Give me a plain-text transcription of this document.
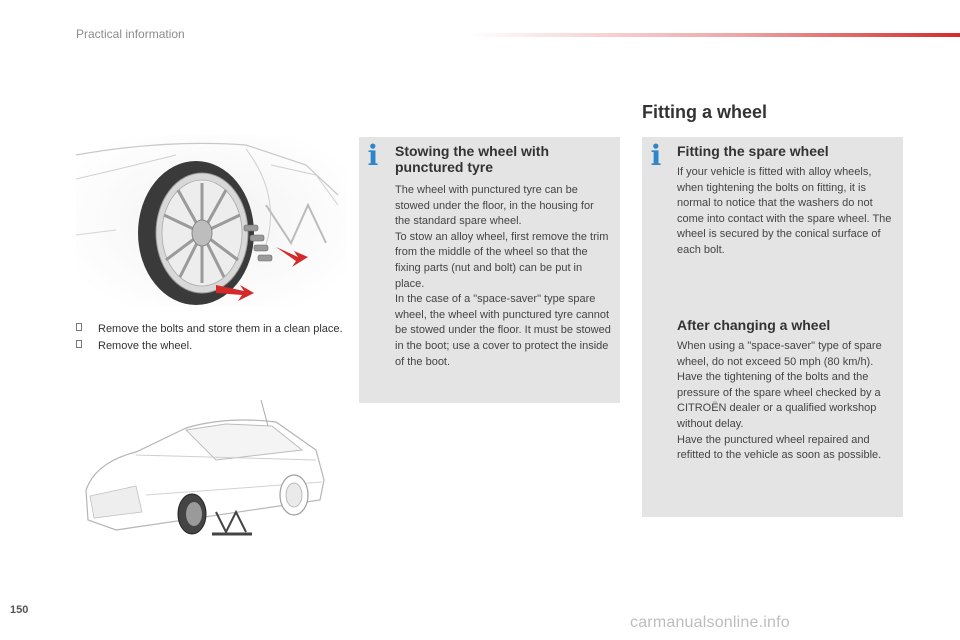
Practical information
Remove the bolts and store them in a clean place.
Remove the wheel.
i Stowing the wheel with punctured tyre

The wheel with punctured tyre can be stowed under the floor, in the housing for the standard spare wheel.

To stow an alloy wheel, first remove the trim from the middle of the wheel so that the fixing parts (nut and bolt) can be put in place.

In the case of a "space-saver" type spare wheel, the wheel with punctured tyre cannot be stowed under the floor. It must be stowed in the boot; use a cover to protect the inside of the boot.

Fitting a wheel
i Fitting the spare wheel

If your vehicle is fitted with alloy wheels, when tightening the bolts on fitting, it is normal to notice that the washers do not come into contact with the spare wheel. The wheel is secured by the conical surface of each bolt.

After changing a wheel

When using a "space-saver" type of spare wheel, do not exceed 50 mph (80 km/h).

Have the tightening of the bolts and the pressure of the spare wheel checked by a CITROËN dealer or a qualified workshop without delay.

Have the punctured wheel repaired and refitted to the vehicle as soon as possible.

150
carmanualsonline.info
